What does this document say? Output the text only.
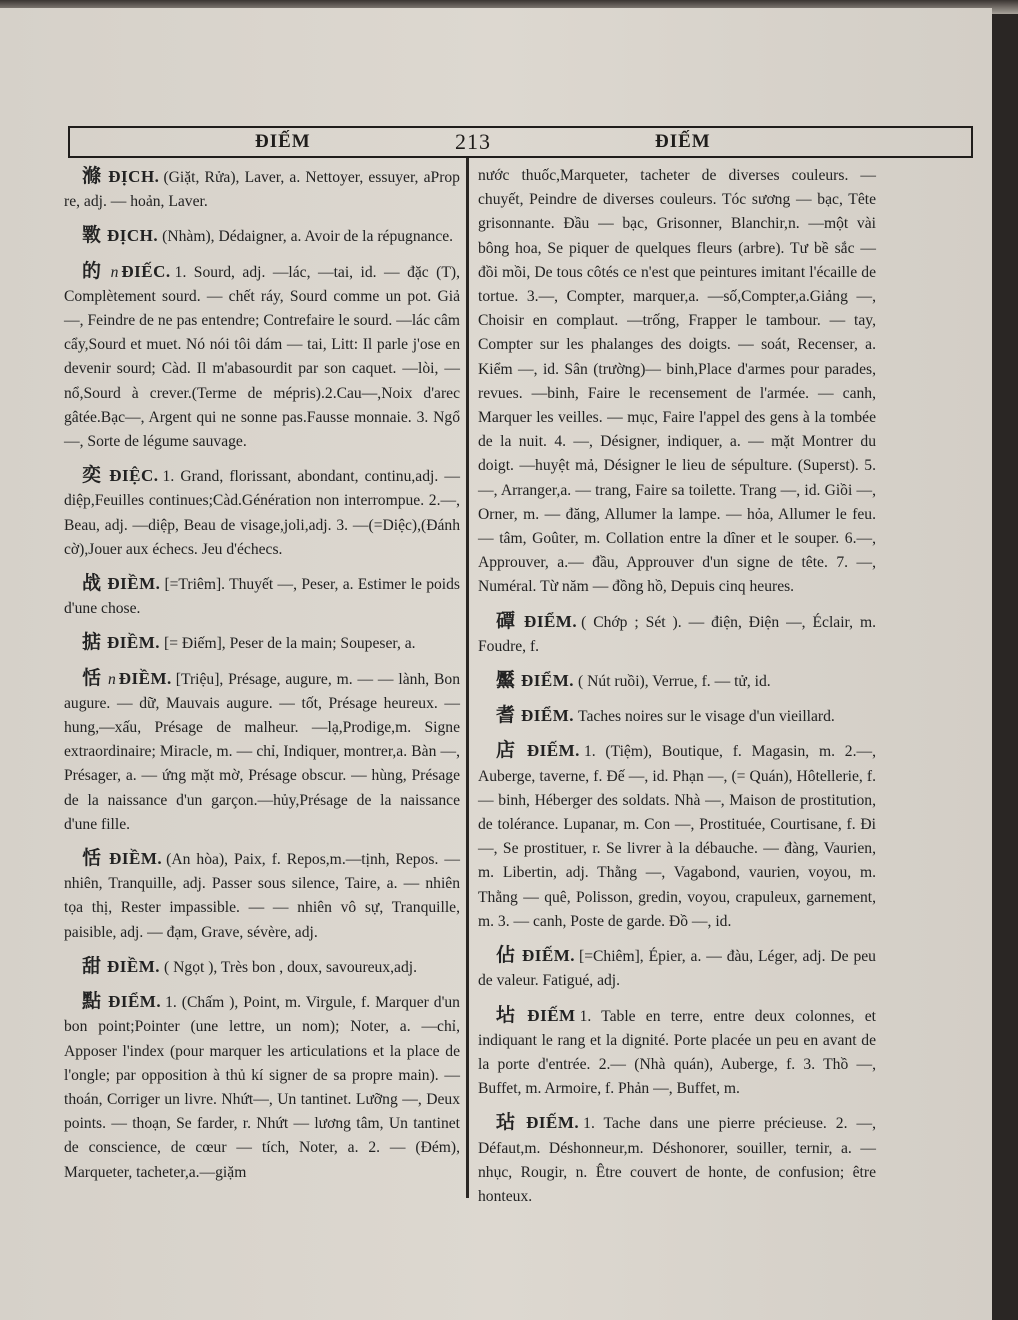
ĐIẾM	213	ĐIẾM

滌 ĐỊCH. (Giặt, Rửa), Laver, a. Nettoyer, essuyer, aProp re, adj. — hoản, Laver.

斁 ĐỊCH. (Nhàm), Dédaigner, a. Avoir de la répugnance.

的 n ĐIẾC. 1. Sourd, adj. —lác, —tai, id. — đặc (T), Complètement sourd. — chết ráy, Sourd comme un pot. Giả —, Feindre de ne pas entendre; Contrefaire le sourd. —lác câm cẩy,Sourd et muet. Nó nói tôi dám — tai, Litt: Il parle j'ose en devenir sourd; Càd. Il m'abasourdit par son caquet. —lòi, — nổ,Sourd à crever.(Terme de mépris).2.Cau—,Noix d'arec gâtée.Bạc—, Argent qui ne sonne pas.Fausse monnaie. 3. Ngổ —, Sorte de légume sauvage.

奕 ĐIỆC. 1. Grand, florissant, abondant, continu,adj. —diệp,Feuilles continues;Càd.Génération non interrompue. 2.—, Beau, adj. —diệp, Beau de visage,joli,adj. 3. —(=Diệc),(Đánh cờ),Jouer aux échecs. Jeu d'échecs.

战 ĐIỀM. [=Triêm]. Thuyết —, Peser, a. Estimer le poids d'une chose.

掂 ĐIỀM. [= Điếm], Peser de la main; Soupeser, a.

恬 n ĐIỀM. [Triệu], Présage, augure, m. — — lành, Bon augure. — dữ, Mauvais augure. — tốt, Présage heureux. —hung,—xấu, Présage de malheur. —lạ,Prodige,m. Signe extraordinaire; Miracle, m. — chỉ, Indiquer, montrer,a. Bàn —, Présager, a. — ứng mặt mờ, Présage obscur. — hùng, Présage de la naissance d'un garçon.—hủy,Présage de la naissance d'une fille.

恬 ĐIỀM. (An hòa), Paix, f. Repos,m.—tịnh, Repos. — nhiên, Tranquille, adj. Passer sous silence, Taire, a. — nhiên tọa thị, Rester impassible. — — nhiên vô sự, Tranquille, paisible, adj. — đạm, Grave, sévère, adj.

甜 ĐIỀM. ( Ngọt ), Très bon , doux, savoureux,adj.

點 ĐIỂM. 1. (Chấm ), Point, m. Virgule, f. Marquer d'un bon point;Pointer (une lettre, un nom); Noter, a. —chỉ, Apposer l'index (pour marquer les articulations et la place de l'ongle; par opposition à thủ kí signer de sa propre main). — thoán, Corriger un livre. Nhứt—, Un tantinet. Lưỡng —, Deux points. — thoạn, Se farder, r. Nhứt — lương tâm, Un tantinet de conscience, de cœur — tích, Noter, a. 2. — (Đém), Marqueter, tacheter,a.—giặm

nước thuốc,Marqueter, tacheter de diverses couleurs. — chuyết, Peindre de diverses couleurs. Tóc sương — bạc, Tête grisonnante. Đầu — bạc, Grisonner, Blanchir,n. —một vài bông hoa, Se piquer de quelques fleurs (arbre). Tư bề sắc — đồi mồi, De tous côtés ce n'est que peintures imitant l'écaille de tortue. 3.—, Compter, marquer,a. —số,Compter,a.Giảng —, Choisir en complaut. —trống, Frapper le tambour. — tay, Compter sur les phalanges des doigts. — soát, Recenser, a. Kiểm —, id. Sân (trường)— binh,Place d'armes pour parades, revues. —binh, Faire le recensement de l'armée. — canh, Marquer les veilles. — mục, Faire l'appel des gens à la tombée de la nuit. 4. —, Désigner, indiquer, a. — mặt Montrer du doigt. —huyệt mả, Désigner le lieu de sépulture. (Superst). 5. —, Arranger,a. — trang, Faire sa toilette. Trang —, id. Giồi —, Orner, m. — đăng, Allumer la lampe. — hỏa, Allumer le feu. — tâm, Goûter, m. Collation entre la dîner et le souper. 6.—, Approuver, a.— đầu, Approuver d'un signe de tête. 7. —, Numéral. Từ năm — đồng hồ, Depuis cinq heures.

磹 ĐIỂM. ( Chớp ; Sét ). — điện, Điện —, Éclair, m. Foudre, f.

黶 ĐIỂM. ( Nút ruồi), Verrue, f. — tử, id.

耆 ĐIỂM. Taches noires sur le visage d'un vieillard.

店 ĐIẾM. 1. (Tiệm), Boutique, f. Magasin, m. 2.—, Auberge, taverne, f. Đế —, id. Phạn —, (= Quán), Hôtellerie, f. — binh, Héberger des soldats. Nhà —, Maison de prostitution, de tolérance. Lupanar, m. Con —, Prostituée, Courtisane, f. Đi—, Se prostituer, r. Se livrer à la débauche. — đàng, Vaurien, m. Libertin, adj. Thằng —, Vagabond, vaurien, voyou, m. Thằng — quê, Polisson, gredin, voyou, crapuleux, garnement, m. 3. — canh, Poste de garde. Đồ —, id.

佔 ĐIẾM. [=Chiêm], Épier, a. — đàu, Léger, adj. De peu de valeur. Fatigué, adj.

坫 ĐIẾM 1. Table en terre, entre deux colonnes, et indiquant le rang et la dignité. Porte placée un peu en avant de la porte d'entrée. 2.— (Nhà quán), Auberge, f. 3. Thồ —, Buffet, m. Armoire, f. Phản —, Buffet, m.

玷 ĐIẾM. 1. Tache dans une pierre précieuse. 2. —, Défaut,m. Déshonneur,m. Déshonorer, souiller, ternir, a. — nhục, Rougir, n. Être couvert de honte, de confusion; être honteux.
